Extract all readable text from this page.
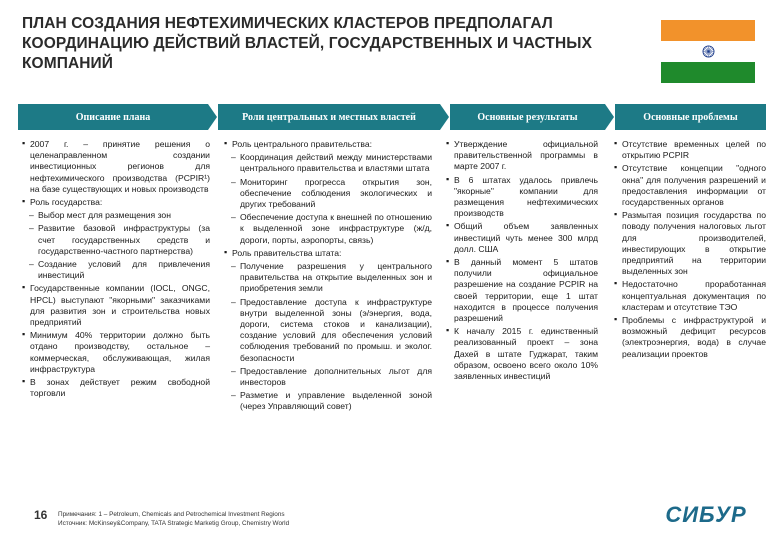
ПЛАН СОЗДАНИЯ НЕФТЕХИМИЧЕСКИХ КЛАСТЕРОВ ПРЕДПОЛАГАЛ КООРДИНАЦИЮ ДЕЙСТВИЙ ВЛАСТЕЙ, ГОСУДАРСТВЕННЫХ И ЧАСТНЫХ КОМПАНИЙ
Описание плана	Роли центральных и местных властей	Основные результаты	Основные проблемы
▪ 2007 г. – принятие решения о целенаправленном создании инвестиционных регионов для нефтехимического производства (PCPIR¹) на базе существующих и новых производств
▪ Роль государства:
– Выбор мест для размещения зон
– Развитие базовой инфраструктуры (за счет государственных средств и государственно-частного партнерства)
– Создание условий для привлечения инвестиций
▪ Государственные компании (IOCL, ONGC, HPCL) выступают "якорными" заказчиками для развития зон и строительства новых предприятий
▪ Минимум 40% территории должно быть отдано производству, остальное – коммерческая, обслуживающая, жилая инфраструктура
▪ В зонах действует режим свободной торговли
▪ Роль центрального правительства:
– Координация действий между министерствами центрального правительства и властями штата
– Мониторинг прогресса открытия зон, обеспечение соблюдения экологических и других требований
– Обеспечение доступа к внешней по отношению к выделенной зоне инфраструктуре (ж/д, дороги, порты, аэропорты, связь)
▪ Роль правительства штата:
– Получение разрешения у центрального правительства на открытие выделенных зон и приобретения земли
– Предоставление доступа к инфраструктуре внутри выделенной зоны (э/энергия, вода, дороги, система стоков и канализации), создание условий для обеспечения условий соблюдения требований по промыш. и эколог. безопасности
– Предоставление дополнительных льгот для инвесторов
– Разметие и управление выделенной зоной (через Управляющий совет)
▪ Утверждение официальной правительственной программы в марте 2007 г.
▪ В 6 штатах удалось привлечь "якорные" компании для размещения нефтехимических производств
▪ Общий объем заявленных инвестиций чуть менее 300 млрд долл. США
▪ В данный момент 5 штатов получили официальное разрешение на создание PCPIR на своей территории, еще 1 штат находится в процессе получения разрешений
▪ К началу 2015 г. единственный реализованный проект – зона Дахей в штате Гуджарат, таким образом, освоено всего около 10% заявленных инвестиций
▪ Отсутствие временных целей по открытию PCPIR
▪ Отсутствие концепции "одного окна" для получения разрешений и предоставления информации от государственных органов
▪ Размытая позиция государства по поводу получения налоговых льгот для производителей, инвестирующих в открытие предприятий на территории выделенных зон
▪ Недостаточно проработанная концептуальная документация по кластерам и отсутствие ТЭО
▪ Проблемы с инфраструктурой и возможный дефицит ресурсов (электроэнергия, вода) в случае реализации проектов
16 Примечания: 1 – Petroleum, Chemicals and Petrochemical Investment Regions
Источник: McKinsey&Company, TATA Strategic Marketig Group, Chemistry World	СИБУР
